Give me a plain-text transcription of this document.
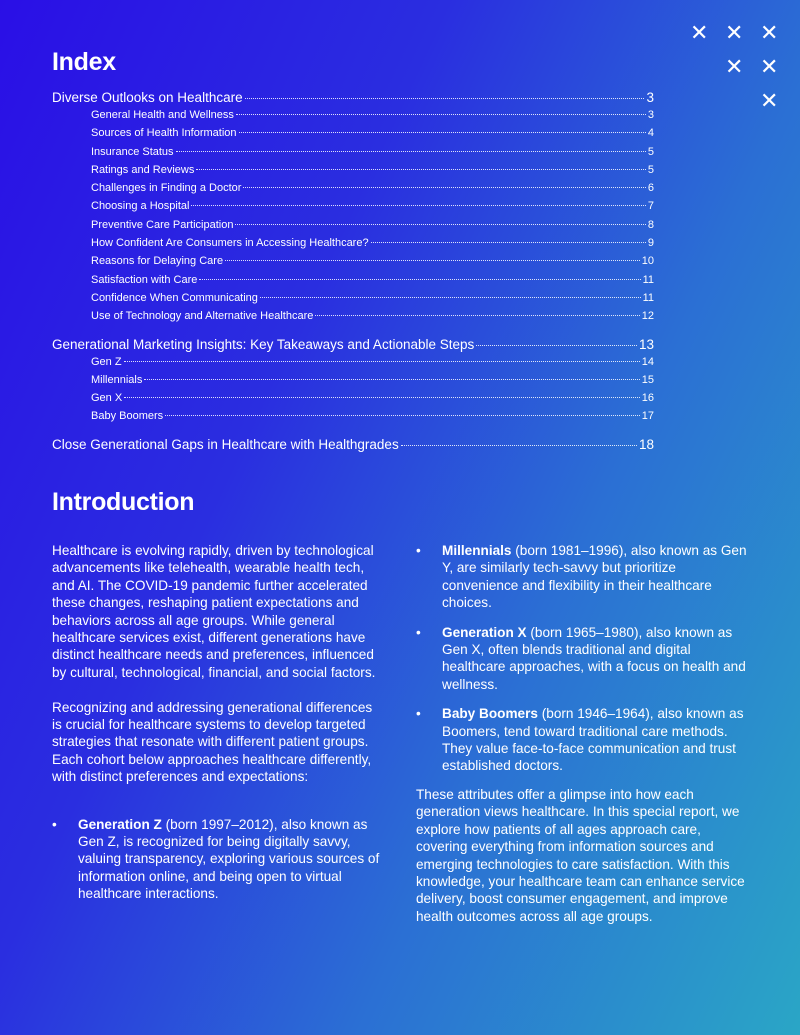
✕ ✕ ✕
✕ ✕
✕
Index
Diverse Outlooks on Healthcare	3
General Health and Wellness	3
Sources of Health Information	4
Insurance Status	5
Ratings and Reviews	5
Challenges in Finding a Doctor	6
Choosing a Hospital	7
Preventive Care Participation	8
How Confident Are Consumers in Accessing Healthcare?	9
Reasons for Delaying Care	10
Satisfaction with Care	11
Confidence When Communicating	11
Use of Technology and Alternative Healthcare	12
Generational Marketing Insights: Key Takeaways and Actionable Steps	13
Gen Z	14
Millennials	15
Gen X	16
Baby Boomers	17
Close Generational Gaps in Healthcare with Healthgrades	18
Introduction

Healthcare is evolving rapidly, driven by technological advancements like telehealth, wearable health tech, and AI. The COVID-19 pandemic further accelerated these changes, reshaping patient expectations and behaviors across all age groups. While general healthcare services exist, different generations have distinct healthcare needs and preferences, influenced by cultural, technological, financial, and social factors.

Recognizing and addressing generational differences is crucial for healthcare systems to develop targeted strategies that resonate with different patient groups. Each cohort below approaches healthcare differently, with distinct preferences and expectations:

• Generation Z (born 1997–2012), also known as Gen Z, is recognized for being digitally savvy, valuing transparency, exploring various sources of information online, and being open to virtual healthcare interactions.
• Millennials (born 1981–1996), also known as Gen Y, are similarly tech-savvy but prioritize convenience and flexibility in their healthcare choices.
• Generation X (born 1965–1980), also known as Gen X, often blends traditional and digital healthcare approaches, with a focus on health and wellness.
• Baby Boomers (born 1946–1964), also known as Boomers, tend toward traditional care methods. They value face-to-face communication and trust established doctors.

These attributes offer a glimpse into how each generation views healthcare. In this special report, we explore how patients of all ages approach care, covering everything from information sources and emerging technologies to care satisfaction. With this knowledge, your healthcare team can enhance service delivery, boost consumer engagement, and improve health outcomes across all age groups.
